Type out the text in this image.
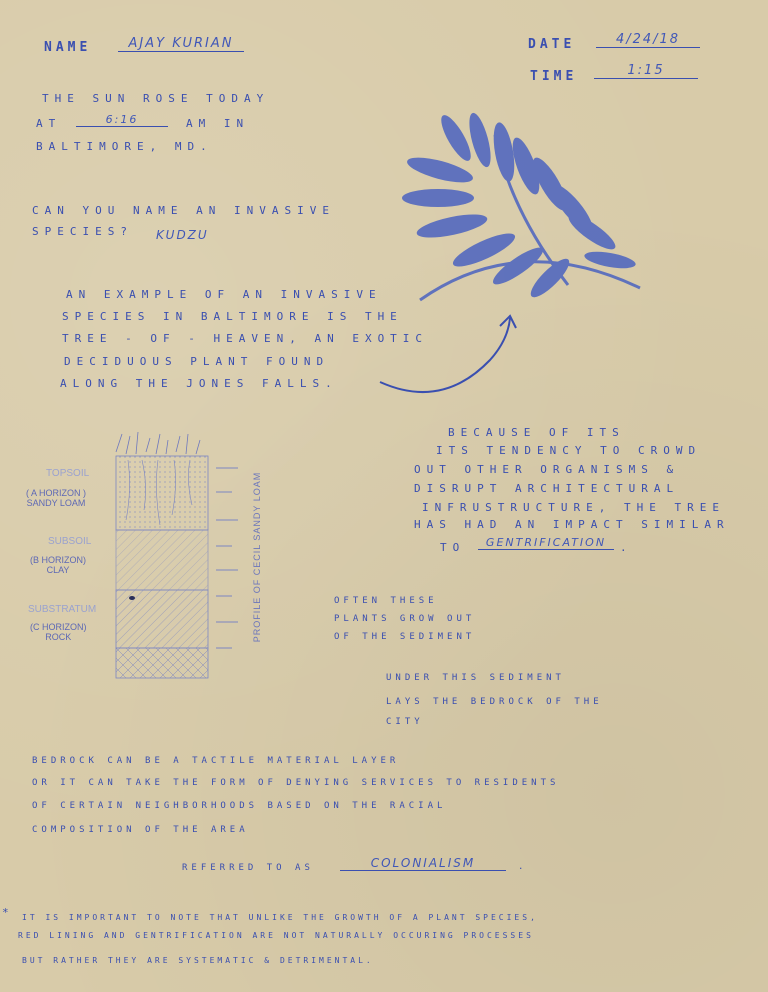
NAME	AJAY KURIAN	DATE	4/24/18
TIME	1:15
THE SUN ROSE TODAY
AT	6:16	AM IN
BALTIMORE, MD.
CAN YOU NAME AN INVASIVE
SPECIES? KUDZU
AN EXAMPLE OF AN INVASIVE
SPECIES IN BALTIMORE IS THE
TREE - OF - HEAVEN, AN EXOTIC
DECIDUOUS PLANT FOUND
ALONG THE JONES FALLS.
BECAUSE OF ITS
ITS TENDENCY TO CROWD
OUT OTHER ORGANISMS &
DISRUPT ARCHITECTURAL
INFRUSTRUCTURE, THE TREE
HAS HAD AN IMPACT SIMILAR
TO	GENTRIFICATION	.
TOPSOIL
( A HORIZON )
SANDY LOAM
SUBSOIL
(B HORIZON)
CLAY
SUBSTRATUM
(C HORIZON)
ROCK	PROFILE OF CECIL SANDY LOAM	OFTEN THESE
PLANTS GROW OUT
OF THE SEDIMENT
UNDER THIS SEDIMENT
LAYS THE BEDROCK OF THE
CITY
BEDROCK CAN BE A TACTILE MATERIAL LAYER
OR IT CAN TAKE THE FORM OF DENYING SERVICES TO RESIDENTS
OF CERTAIN NEIGHBORHOODS BASED ON THE RACIAL
COMPOSITION OF THE AREA
REFERRED TO AS	COLONIALISM	.
* IT IS IMPORTANT TO NOTE THAT UNLIKE THE GROWTH OF A PLANT SPECIES,
RED LINING AND GENTRIFICATION ARE NOT NATURALLY OCCURING PROCESSES
BUT RATHER THEY ARE SYSTEMATIC & DETRIMENTAL.
